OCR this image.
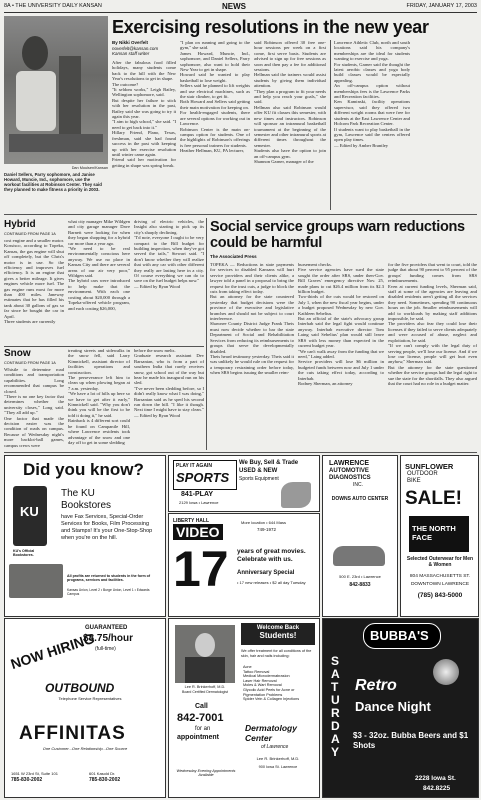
8A • THE UNIVERSITY DAILY KANSAN	NEWS	FRIDAY, JANUARY 17, 2003
Dan Moulsen/Kansan
Daniel Sellers, Parry sophomore, and Janise Howard, Muncie, Ind., sophomore, use the workout facilities at Robinson Center. They said they planned to make fitness a priority in 2003.
Exercising resolutions in the new year
By Nikki Overfelt
noverfelt@kansan.com
Kansan staff writer
After the fabulous food filled holidays, many students come back to the hill with the New Year's resolutions to get in shape.
The outcome?
"It seldom works," Leigh Bailey, Wellington sophomore, said.
But despite her failure to stick with her resolution in the past, Bailey said she was going to try it again this year.
"I aim to high school," she said. "I need to get back into it."
Hillary Friend, Plano, Texas, freshman, said she had found success in the past with keeping up with her exercise resolution until winter came again.
Friend said her motivation for getting in shape was spring break.
"I plan on running and going to the gym," she said.
James Howard, Muncie, Ind., sophomore, and Daniel Sellers, Parry sophomore, also want to hold their New Year to get in shape.
Howard said he wanted to play basketball to lose weight.
Sellers said he planned to lift weights and use electrical machines, such as the stair climber, to get fit.
Both Howard and Sellers said getting their main motivation for keeping on.
For health-engaged students, there are several options for working out in Lawrence.
Robinson Center is the main on-campus option for students. One of the highlights of Robinson's offerings is free personal trainers for students.
Heather Hellman, KU, PA lecturer,
said Robinson offered 30 free one-hour sessions per week on a first come, first serve basis. Students are advised to sign up for free sessions as soon and then pay a fee for additional sessions.
Hellman said the trainers would assist students by giving them individual attention.
"They plan a program to fit your needs and help you reach your goals," she said.
Hellman also said Robinson would offer KU fit classes this semester, with new times and instructors. Robinson will sponsor an intramural basketball tournament at the beginning of the semester and other intramural sports at different times throughout the semester.
Students also have the option to join an off-campus gym.
Shannon Garner, manager of the
Lawrence Athletic Club, north and south locations said his company's memberships are the ideal for students wanting to exercise and yoga.
For students, Garner said the thought the latest aerobic classes and yoga body build classes would be especially appealing.
An off-campus option without memberships fees is the Lawrence Parks and Recreation facilities.
Ken Kaminski, facility operations supervisor, said they offered two different weight rooms that were free for students at the East Lawrence Center and Holcom Park Recreation Center.
If students want to play basketball in the gym, Lawrence said the centers offered open play times.
— Edited by Amber Brantley
Hybrid
CONTINUED FROM PAGE 1A
cost engine and a smaller motor. Kossisco, according to Topeka, Kansas, the gas engine will shut off completely, but the Chris's motor is in use. So the efficiency and improves fuel efficiency. It is an engine that gives a better mileage. It gives engines vehicle more fuel. The gas engine runs most for more than 400 miles. Janeway estimates that he has filled his tank about 30 gallons of gas so far since he bought the car in April.
Three students are currently
what city manager Mike Wildgen and city garage manager Dave Barnett were looking for when they began shopping for a hybrid car more than a year ago.
"We need to be real environmentally conscious here anyway. We use no place in Kansas City and there are several areas of our air very poor," Wildgen said.
The hybrid cars were introduced to help make that the environment. With each one costing about $20,000 through a Topeka-offered vehicle program, and each costing $26,000,
driving of electric vehicles, the Insight also starting to pick up its city's sharply declining.
"I'd note, everyone I ought to be very compact to the Bill budget for building inspection, when they've got served the tails," Stewart said. "I don't know whether they will realize that with any car with other different they really are lasting here in a city. Of course everything we can do to save on the fuel budget helps now."
— Edited by Ryan Wood
Snow
CONTINUED FROM PAGE 1A
Whistle to determine road conditions and transportation capabilities. Long recommended that campus be closed.
"There is no one key factor that determines whether the university closes," Long said. "They all add up."
One factor that made the decision easier was the condition of roads on campus. Because of Wednesday night's more backlot-ball games, campus crews were
treating streets and sidewalks in the snow fell, said Larry Kimnickell, assistant director of facilities operations and construction.
The perseverance left him to clean up when plowing began at 7 a.m. yesterday.
"We have a lot of hills up here so we have to get after it early," Kimnickell said. "Why you don't think you will be the first to be told it doing it," he said.
Rainback is 4 different sort could be found on Campanile Hill, where Lawrence residents took advantage of the snow and one day off to get in some sledding
before the snow melts.
Graduate research assistant Dev Barsanian, who is from a part of southern India that rarely receives snow, got school out of the way but hear he made his inaugural run on his sled.
"I've never been sledding before, so I didn't really know what I was doing," Barsanian said as he sped his second run down the hill. "I like it though. Next time I might have to stay clean."
— Edited by Ryan Wood
Social service groups warn reductions could be harmful
The Associated Press
TOPEKA — Reductions in state payments for services to disabled Kansans will hurt service providers and their clients alike, a lawyer told a panel in a proposal to bring the request for the trust cuts, a judge to block the cuts from taking effect today.
But an attorney for the state countered yesterday that budget decisions were the province of the executive and legislative branches and should not be subject to court interference.
Shawnee County District Judge Frank Theis must now decide whether to bar the state Department of Social and Rehabilitation Services from reducing its reimbursements to groups that serve the developmentally disabled.
Theis heard testimony yesterday. Theis said it was unlikely he would rule on the request for a temporary restraining order before today, when SRS begins issuing the smaller reim-
bursement checks.
Five service agencies have sued the state sought the order after SRS, under then-Gov. Bill Graves' emergency directive Nov. 25, made plans to cut $26.4 million from its $2.3 billion budget.
Two-thirds of the cuts would be restored on July 1, when the new fiscal year begins, under a budget proposed Wednesday by new Gov. Kathleen Sebelius.
But an official of the state's advocacy group Interhab said the legal fight would continue anyway. Interhab executive director Tom Laing said Sebelius' plan would still leave SRS with less money than expected in the current budget year.
"We can't walk away from the funding that we need," Laing added.
Service providers will lose $6 million in budgeted funds between now and July 1 under the cuts taking effect today, according to Interhab.
Rodney Sherman, an attorney
for the five providers that went to court, told the judge that about 90 percent to 95 percent of the groups' funding comes from SRS reimbursements.
Even at current funding levels, Sherman said, staff at some of the agencies are leaving and disabled residents aren't getting all the services they need. Sometimes, spending 90 continuous hours on the job. Smaller reimbursements will add to workloads by making staff additions impossible, he said.
The providers also fear they could lose their licenses if they failed to serve clients adequately and were accused of abuse, neglect and exploitation, he said.
"If we can't comply with the legal duty of serving people, we'll lose our license. And if we lose our license, people will get hurt even anyhow," Sherman said.
But the attorney for the state questioned whether the service groups had the legal right to sue the state for the shortfalls. They also argued that the court had no role in a budget matter.
Did you know?
KU
KU's Official Bookstores.
The KU
Bookstores
have Fax Services, Special-Order Services for Books, Film Processing and Stamps! It's your One-Stop-Shop when you're on the hill.
All profits are returned to students in the form of programs, services and facilities.
Kansas Union, Level 2 • Burge Union, Level 1 • Edwards Campus
PLAY IT AGAIN
SPORTS
841-PLAY
2129 Iowa • Lawrence
We Buy, Sell & Trade
USED & NEW
Sports Equipment
LIBERTY HALL
VIDEO
More location • 644 Mass
749-1972
17 years of great movies. Celebrate with us.
Anniversary Special
• 17 new releases • $2 all day Tuesday
LAWRENCE
AUTOMOTIVE
DIAGNOSTICS
INC.
DOWNS AUTO CENTER
500 E. 23rd • Lawrence
842-8833
SUNFLOWER
OUTDOOR
BIKE
SALE!
THE NORTH FACE
Selected Outerwear for Men & Women
804 MASSACHUSETTS ST.
DOWNTOWN LAWRENCE
(785) 843-5000
NOW HIRING
GUARANTEED
$8.75/hour
(full-time)
OUTBOUND
Telephone Service Representatives
AFFINITAS
One Customer...One Relationship...One Source
1651 W 23rd St, Suite 101
785-830-2002
601 Kasold Dr.
785-830-2002
Lee R. Brinkerhoff, M.D.
Board Certified Dermatologist
Call
842-7001
for an
appointment
Wednesday Evening Appointments Available
Welcome Back
Students!
We offer treatment for all conditions of the skin, hair and nails including:
Acne
Tattoo Removal
Medical Microdermabrasion
Laser Hair Removal
Moles & Wart Removal
Glycolic Acid Peels for Acne or Pigmentation Problems
Spider Vein & Collagen Injections
Dermatology
Center
of Lawrence
Lee R. Brinkerhoff, M.D.
900 Iowa St. Lawrence
BUBBA'S
SATURDAY
Retro
Dance Night
$3 - 32oz. Bubba Beers and $1 Shots
2228 Iowa St.
842.8225
